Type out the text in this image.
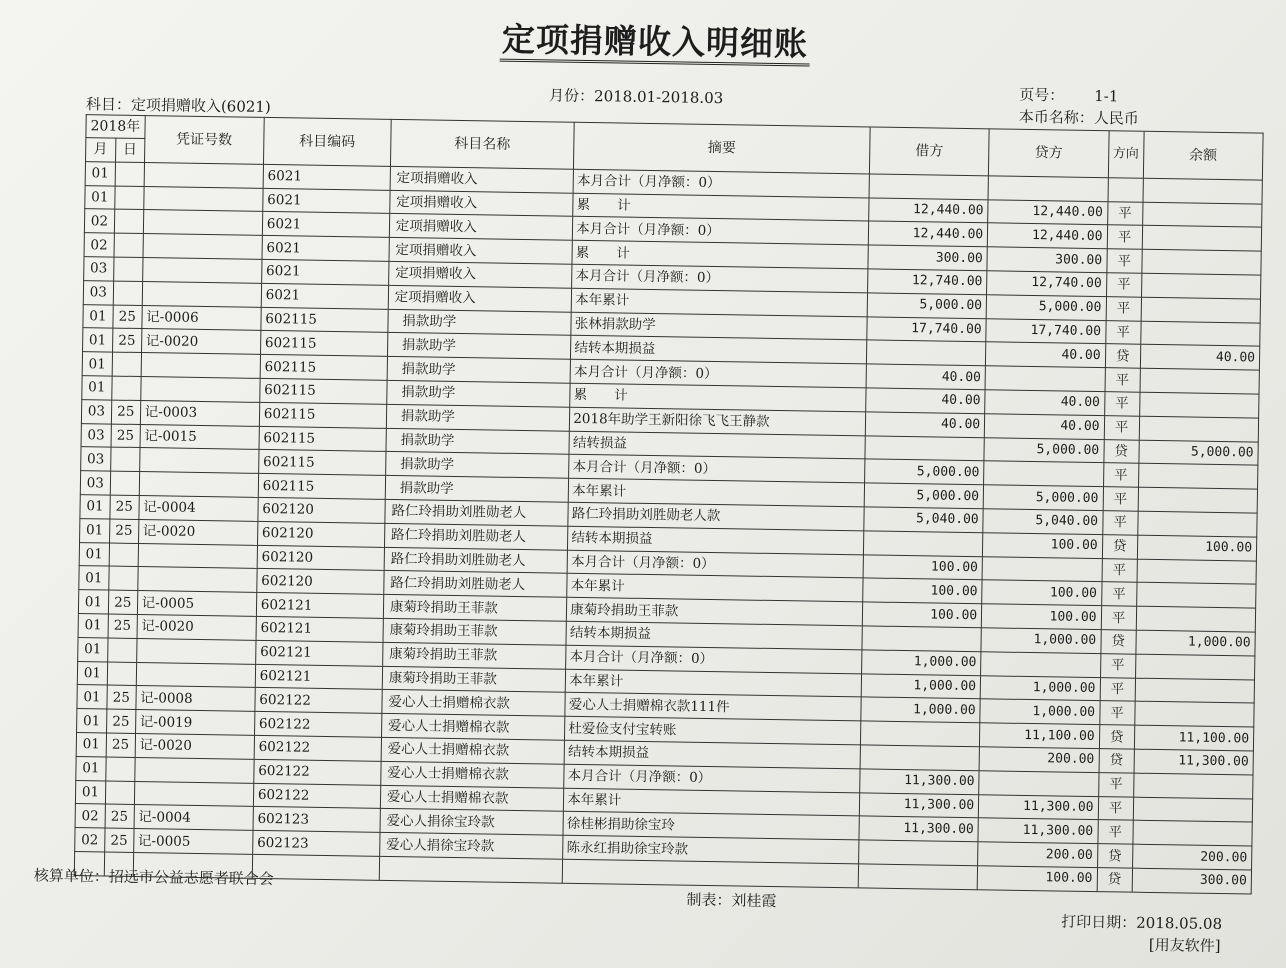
定项捐赠收入明细账
月份：2018.01-2018.03	页号： 1-1
本币名称：人民币
科目：定项捐赠收入(6021)
2018年		凭证号数	科目编码	科目名称	摘要	借方	贷方	方向	余额
月	日								
01			6021	定项捐赠收入	本月合计（月净额：0）				
01			6021	定项捐赠收入	累　　计	12,440.00	12,440.00	平	
02			6021	定项捐赠收入	本月合计（月净额：0）	12,440.00	12,440.00	平	
02			6021	定项捐赠收入	累　　计	300.00	300.00	平	
03			6021	定项捐赠收入	本月合计（月净额：0）	12,740.00	12,740.00	平	
03			6021	定项捐赠收入	本年累计	5,000.00	5,000.00	平	
01	25	记-0006	602115	捐款助学	张林捐款助学	17,740.00	17,740.00	平	
01	25	记-0020	602115	捐款助学	结转本期损益		40.00	贷	40.00
01			602115	捐款助学	本月合计（月净额：0）	40.00		平	
01			602115	捐款助学	累　　计	40.00	40.00	平	
03	25	记-0003	602115	捐款助学	2018年助学王新阳徐飞飞王静款	40.00	40.00	平	
03	25	记-0015	602115	捐款助学	结转损益		5,000.00	贷	5,000.00
03			602115	捐款助学	本月合计（月净额：0）	5,000.00		平	
03			602115	捐款助学	本年累计	5,000.00	5,000.00	平	
01	25	记-0004	602120	路仁玲捐助刘胜勋老人	路仁玲捐助刘胜勋老人款	5,040.00	5,040.00	平	
01	25	记-0020	602120	路仁玲捐助刘胜勋老人	结转本期损益		100.00	贷	100.00
01			602120	路仁玲捐助刘胜勋老人	本月合计（月净额：0）	100.00		平	
01			602120	路仁玲捐助刘胜勋老人	本年累计	100.00	100.00	平	
01	25	记-0005	602121	康菊玲捐助王菲款	康菊玲捐助王菲款	100.00	100.00	平	
01	25	记-0020	602121	康菊玲捐助王菲款	结转本期损益		1,000.00	贷	1,000.00
01			602121	康菊玲捐助王菲款	本月合计（月净额：0）	1,000.00		平	
01			602121	康菊玲捐助王菲款	本年累计	1,000.00	1,000.00	平	
01	25	记-0008	602122	爱心人士捐赠棉衣款	爱心人士捐赠棉衣款111件	1,000.00	1,000.00	平	
01	25	记-0019	602122	爱心人士捐赠棉衣款	杜爱俭支付宝转账		11,100.00	贷	11,100.00
01	25	记-0020	602122	爱心人士捐赠棉衣款	结转本期损益		200.00	贷	11,300.00
01			602122	爱心人士捐赠棉衣款	本月合计（月净额：0）	11,300.00		平	
01			602122	爱心人士捐赠棉衣款	本年累计	11,300.00	11,300.00	平	
02	25	记-0004	602123	爱心人捐徐宝玲款	徐桂彬捐助徐宝玲	11,300.00	11,300.00	平	
02	25	记-0005	602123	爱心人捐徐宝玲款	陈永红捐助徐宝玲款		200.00	贷	200.00
							100.00	贷	300.00
核算单位：招远市公益志愿者联合会
制表：刘桂霞
打印日期：2018.05.08
[用友软件]
